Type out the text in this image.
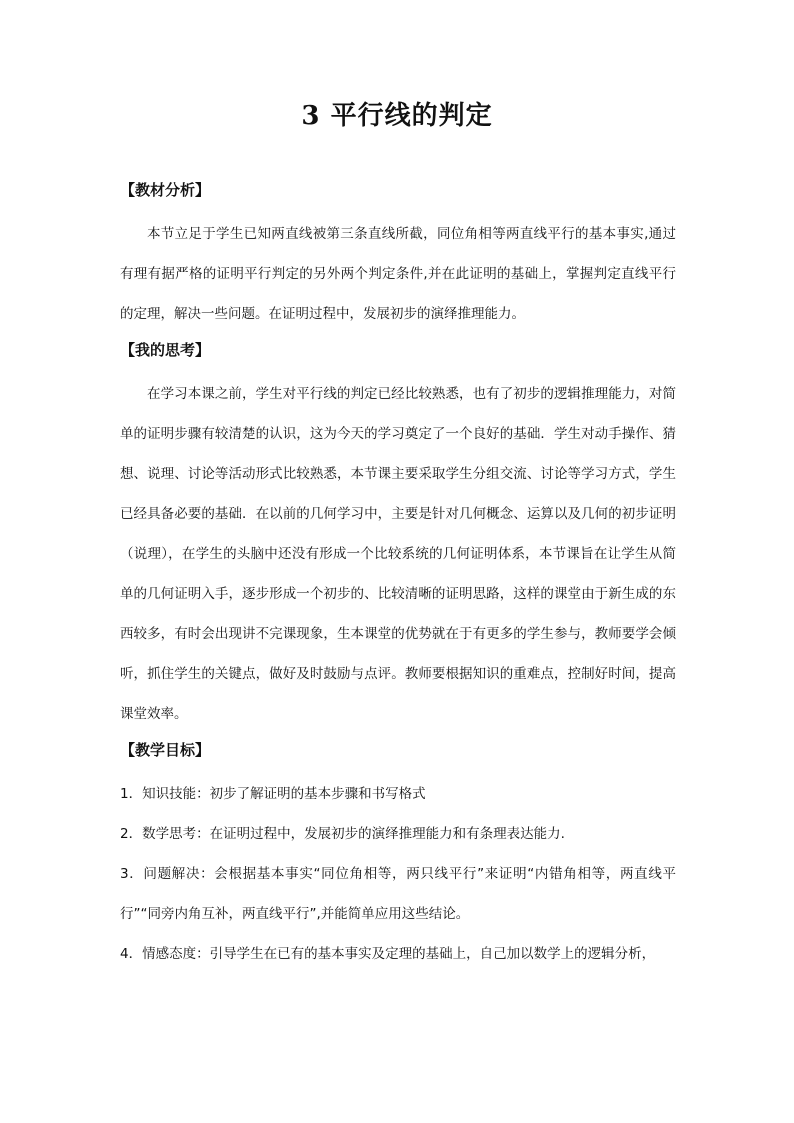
3 平行线的判定

【教材分析】

本节立足于学生已知两直线被第三条直线所截，同位角相等两直线平行的基本事实,通过有理有据严格的证明平行判定的另外两个判定条件,并在此证明的基础上，掌握判定直线平行的定理，解决一些问题。在证明过程中，发展初步的演绎推理能力。

【我的思考】

在学习本课之前，学生对平行线的判定已经比较熟悉，也有了初步的逻辑推理能力，对简单的证明步骤有较清楚的认识，这为今天的学习奠定了一个良好的基础．学生对动手操作、猜想、说理、讨论等活动形式比较熟悉，本节课主要采取学生分组交流、讨论等学习方式，学生已经具备必要的基础．在以前的几何学习中，主要是针对几何概念、运算以及几何的初步证明（说理），在学生的头脑中还没有形成一个比较系统的几何证明体系，本节课旨在让学生从简单的几何证明入手，逐步形成一个初步的、比较清晰的证明思路，这样的课堂由于新生成的东西较多，有时会出现讲不完课现象，生本课堂的优势就在于有更多的学生参与，教师要学会倾听，抓住学生的关键点，做好及时鼓励与点评。教师要根据知识的重难点，控制好时间，提高课堂效率。

【教学目标】

1．知识技能：初步了解证明的基本步骤和书写格式

2．数学思考：在证明过程中，发展初步的演绎推理能力和有条理表达能力.

3．问题解决：会根据基本事实“同位角相等，两只线平行”来证明“内错角相等，两直线平行”“同旁内角互补，两直线平行”,并能简单应用这些结论。

4．情感态度：引导学生在已有的基本事实及定理的基础上，自己加以数学上的逻辑分析，
